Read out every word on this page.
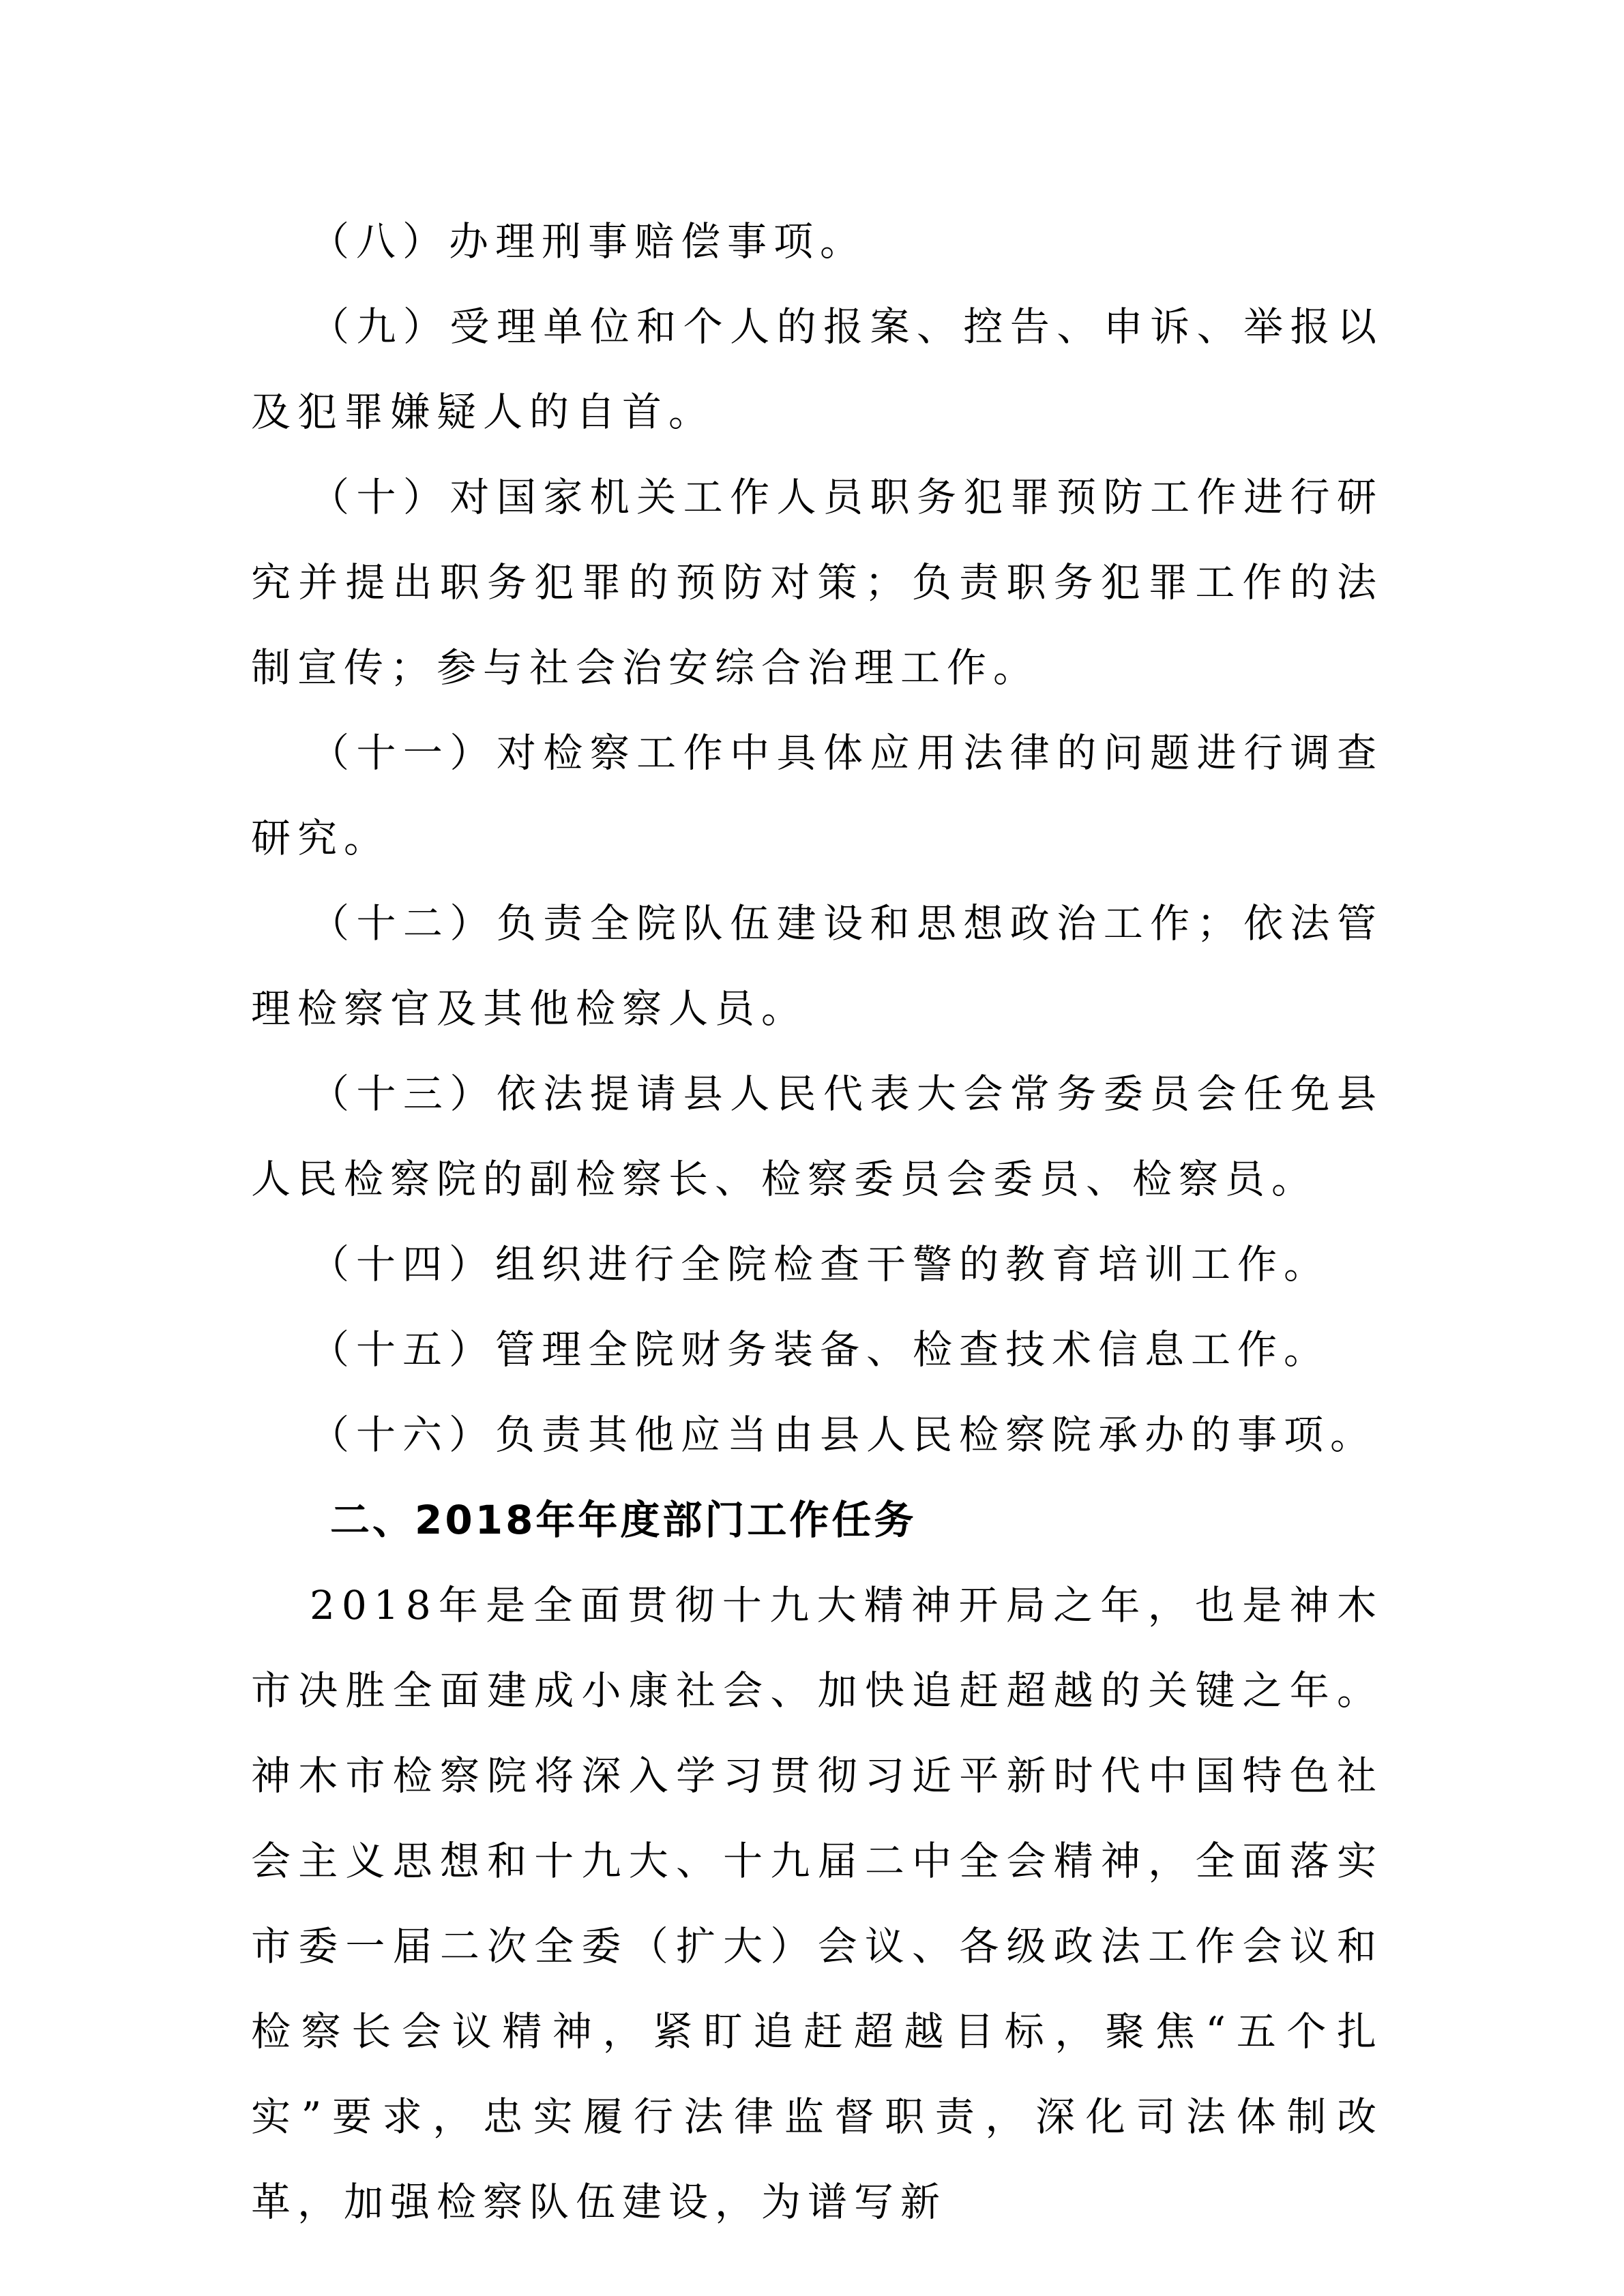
（八）办理刑事赔偿事项。

（九）受理单位和个人的报案、控告、申诉、举报以及犯罪嫌疑人的自首。

（十）对国家机关工作人员职务犯罪预防工作进行研究并提出职务犯罪的预防对策；负责职务犯罪工作的法制宣传；参与社会治安综合治理工作。

（十一）对检察工作中具体应用法律的问题进行调查研究。

（十二）负责全院队伍建设和思想政治工作；依法管理检察官及其他检察人员。

（十三）依法提请县人民代表大会常务委员会任免县人民检察院的副检察长、检察委员会委员、检察员。

（十四）组织进行全院检查干警的教育培训工作。

（十五）管理全院财务装备、检查技术信息工作。

（十六）负责其他应当由县人民检察院承办的事项。

二、2018年年度部门工作任务

2018年是全面贯彻十九大精神开局之年，也是神木市决胜全面建成小康社会、加快追赶超越的关键之年。神木市检察院将深入学习贯彻习近平新时代中国特色社会主义思想和十九大、十九届二中全会精神，全面落实市委一届二次全委（扩大）会议、各级政法工作会议和检察长会议精神，紧盯追赶超越目标，聚焦“五个扎实”要求，忠实履行法律监督职责，深化司法体制改革，加强检察队伍建设，为谱写新
